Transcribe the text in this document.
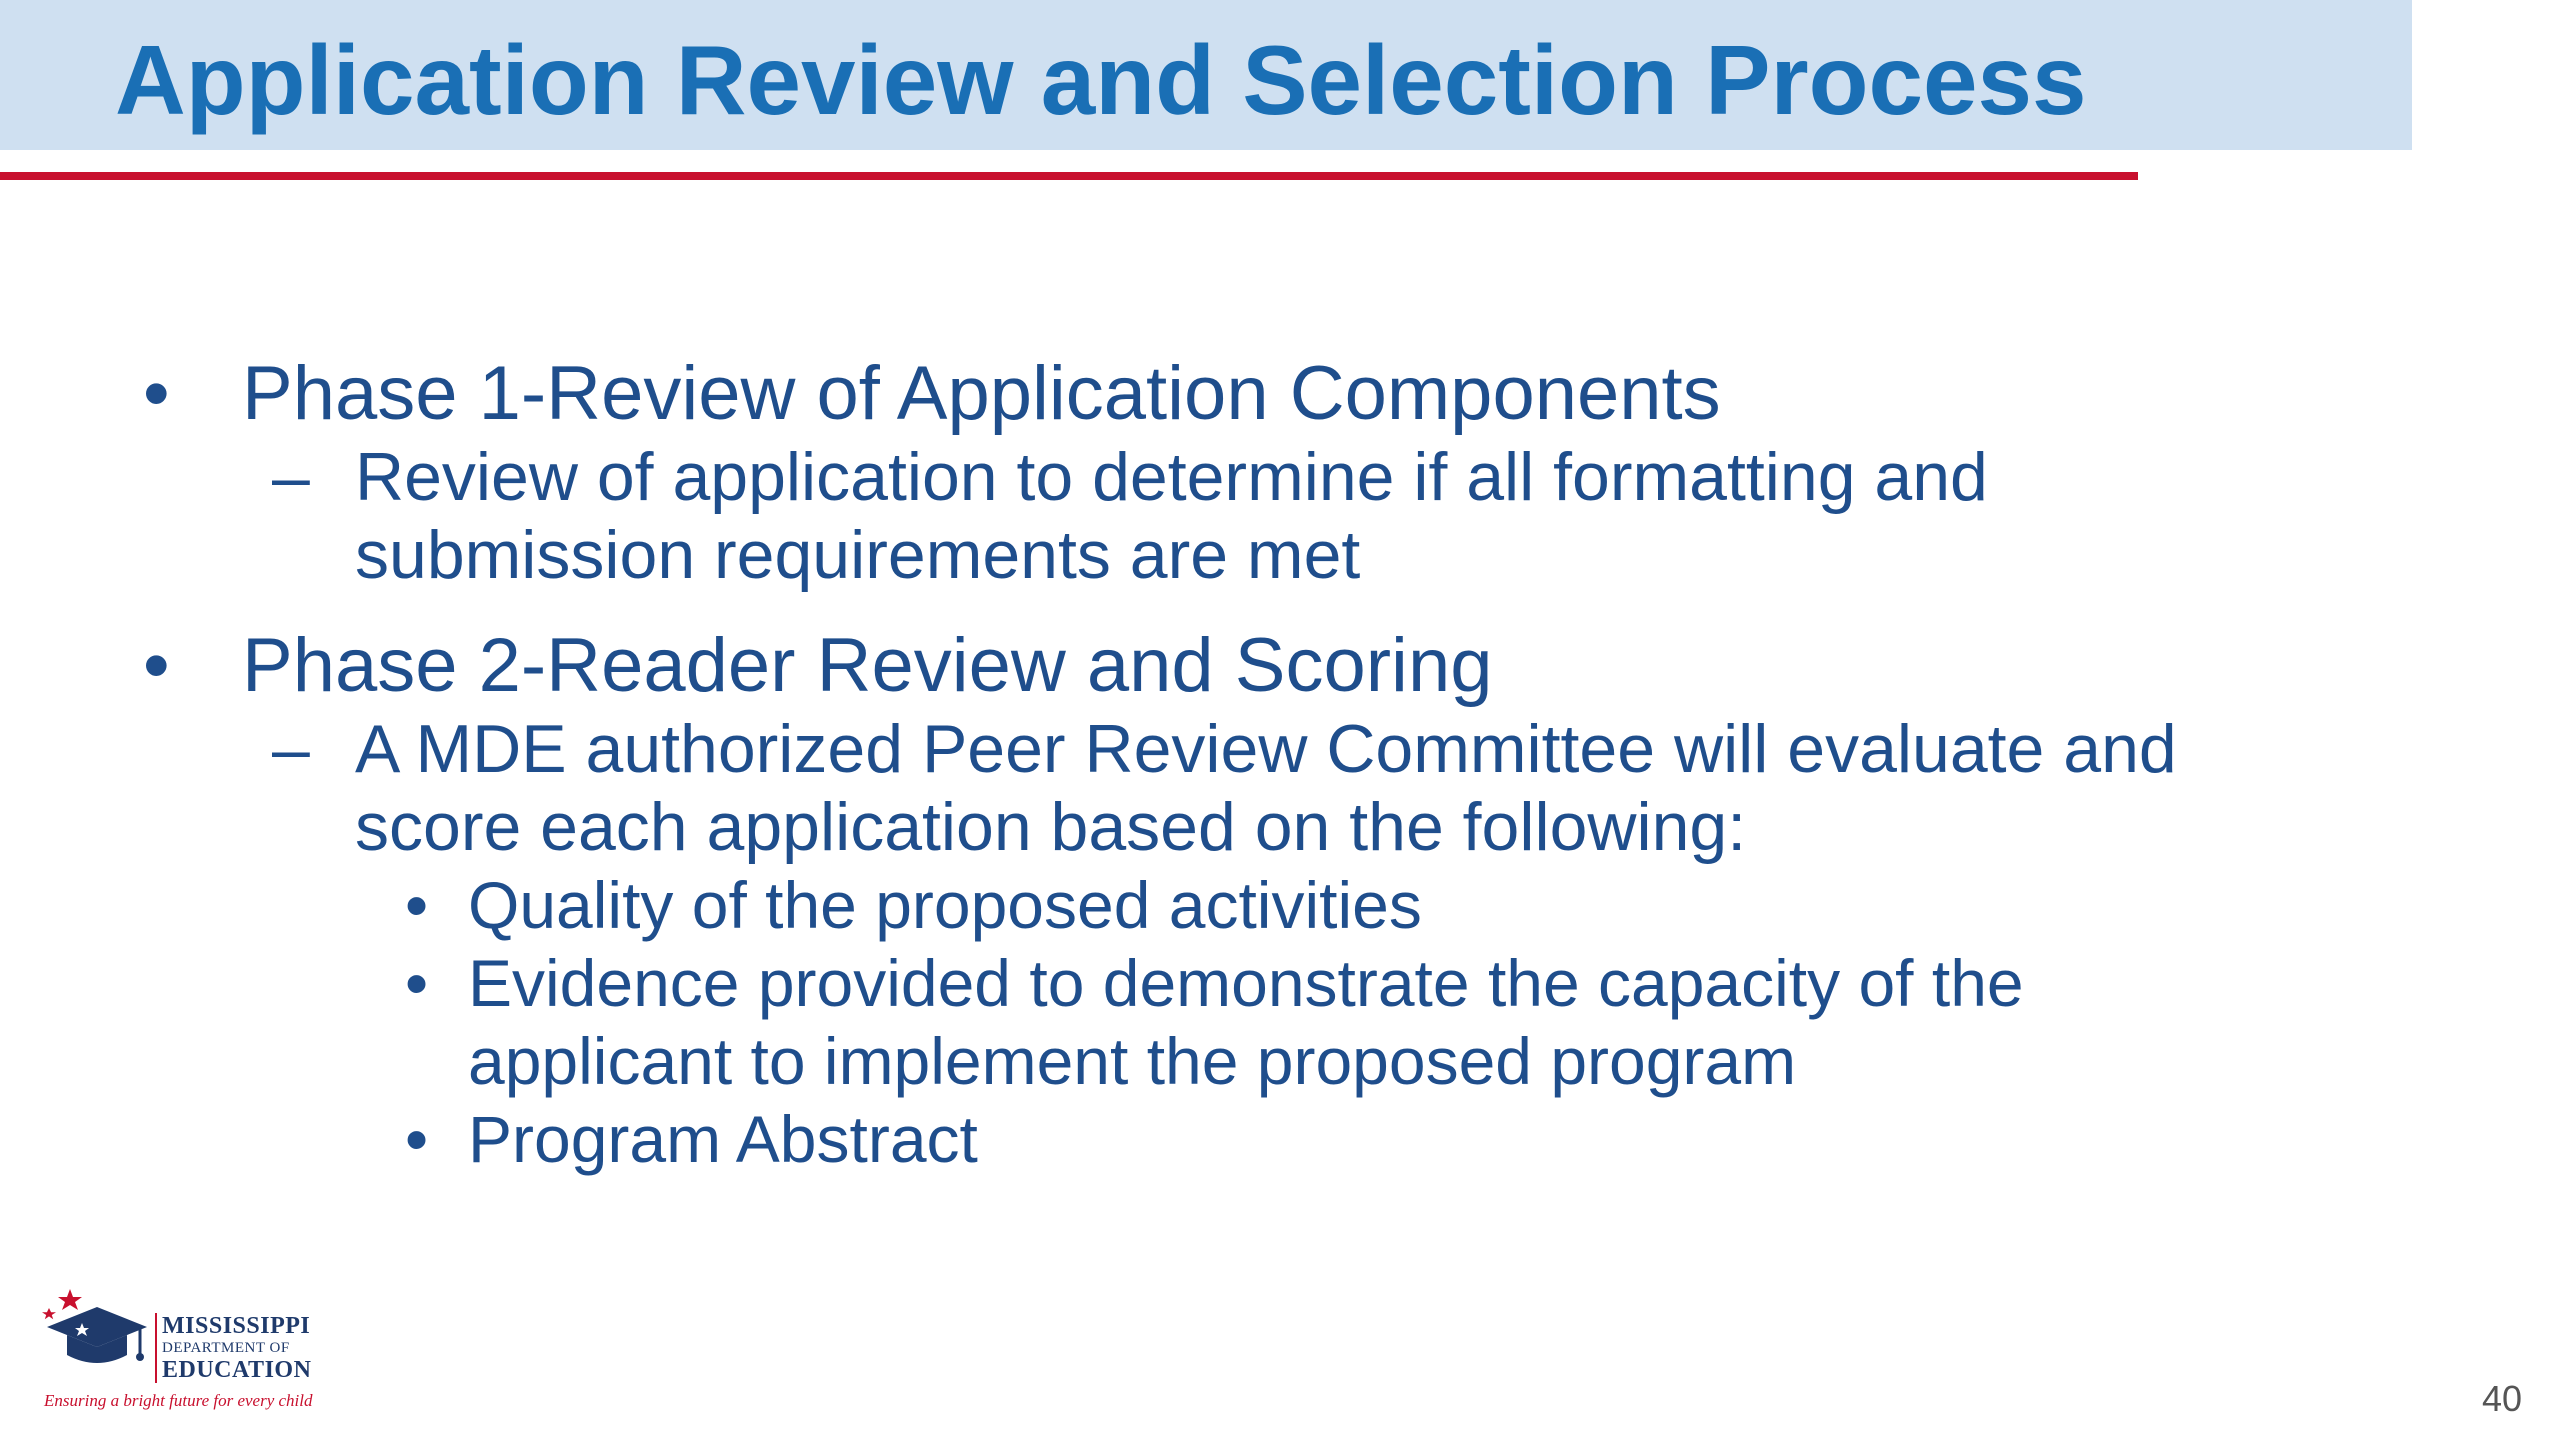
Application Review and Selection Process
• Phase 1-Review of Application Components
– Review of application to determine if all formatting and
submission requirements are met
• Phase 2-Reader Review and Scoring
– A MDE authorized Peer Review Committee will evaluate and
score each application based on the following:
• Quality of the proposed activities
• Evidence provided to demonstrate the capacity of the
applicant to implement the proposed program
• Program Abstract
MISSISSIPPI
DEPARTMENT OF
EDUCATION
Ensuring a bright future for every child	40
